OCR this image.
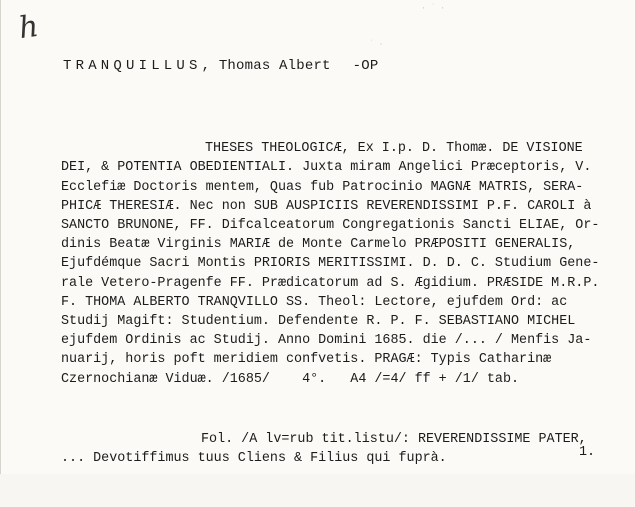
h
· ˙ ·
˙ ·
TRANQUILLUS, Thomas Albert -OP

THESES THEOLOGICÆ, Ex I.p. D. Thomæ. DE VISIONE
DEI, & POTENTIA OBEDIENTIALI. Juxta miram Angelici Præceptoris, V.
Ecclefiæ Doctoris mentem, Quas fub Patrocinio MAGNÆ MATRIS, SERA-
PHICÆ THERESIÆ. Nec non SUB AUSPICIIS REVERENDISSIMI P.F. CAROLI à
SANCTO BRUNONE, FF. Difcalceatorum Congregationis Sancti ELIAE, Or-
dinis Beatæ Virginis MARIÆ de Monte Carmelo PRÆPOSITI GENERALIS,
Ejufdémque Sacri Montis PRIORIS MERITISSIMI. D. D. C. Studium Gene-
rale Vetero-Pragenfe FF. Prædicatorum ad S. Ægidium. PRÆSIDE M.R.P.
F. THOMA ALBERTO TRANQVILLO SS. Theol: Lectore, ejufdem Ord: ac
Studij Magift: Studentium. Defendente R. P. F. SEBASTIANO MICHEL
ejufdem Ordinis ac Studij. Anno Domini 1685. die /... / Menfis Ja-
nuarij, horis poft meridiem confvetis. PRAGÆ: Typis Catharinæ
Czernochianæ Viduæ. /1685/    4°.   A4 /=4/ ff + /1/ tab.

Fol. /A lv=rub tit.listu/: REVERENDISSIME PATER,
... Devotiffimus tuus Cliens & Filius qui fuprà.

	1.
